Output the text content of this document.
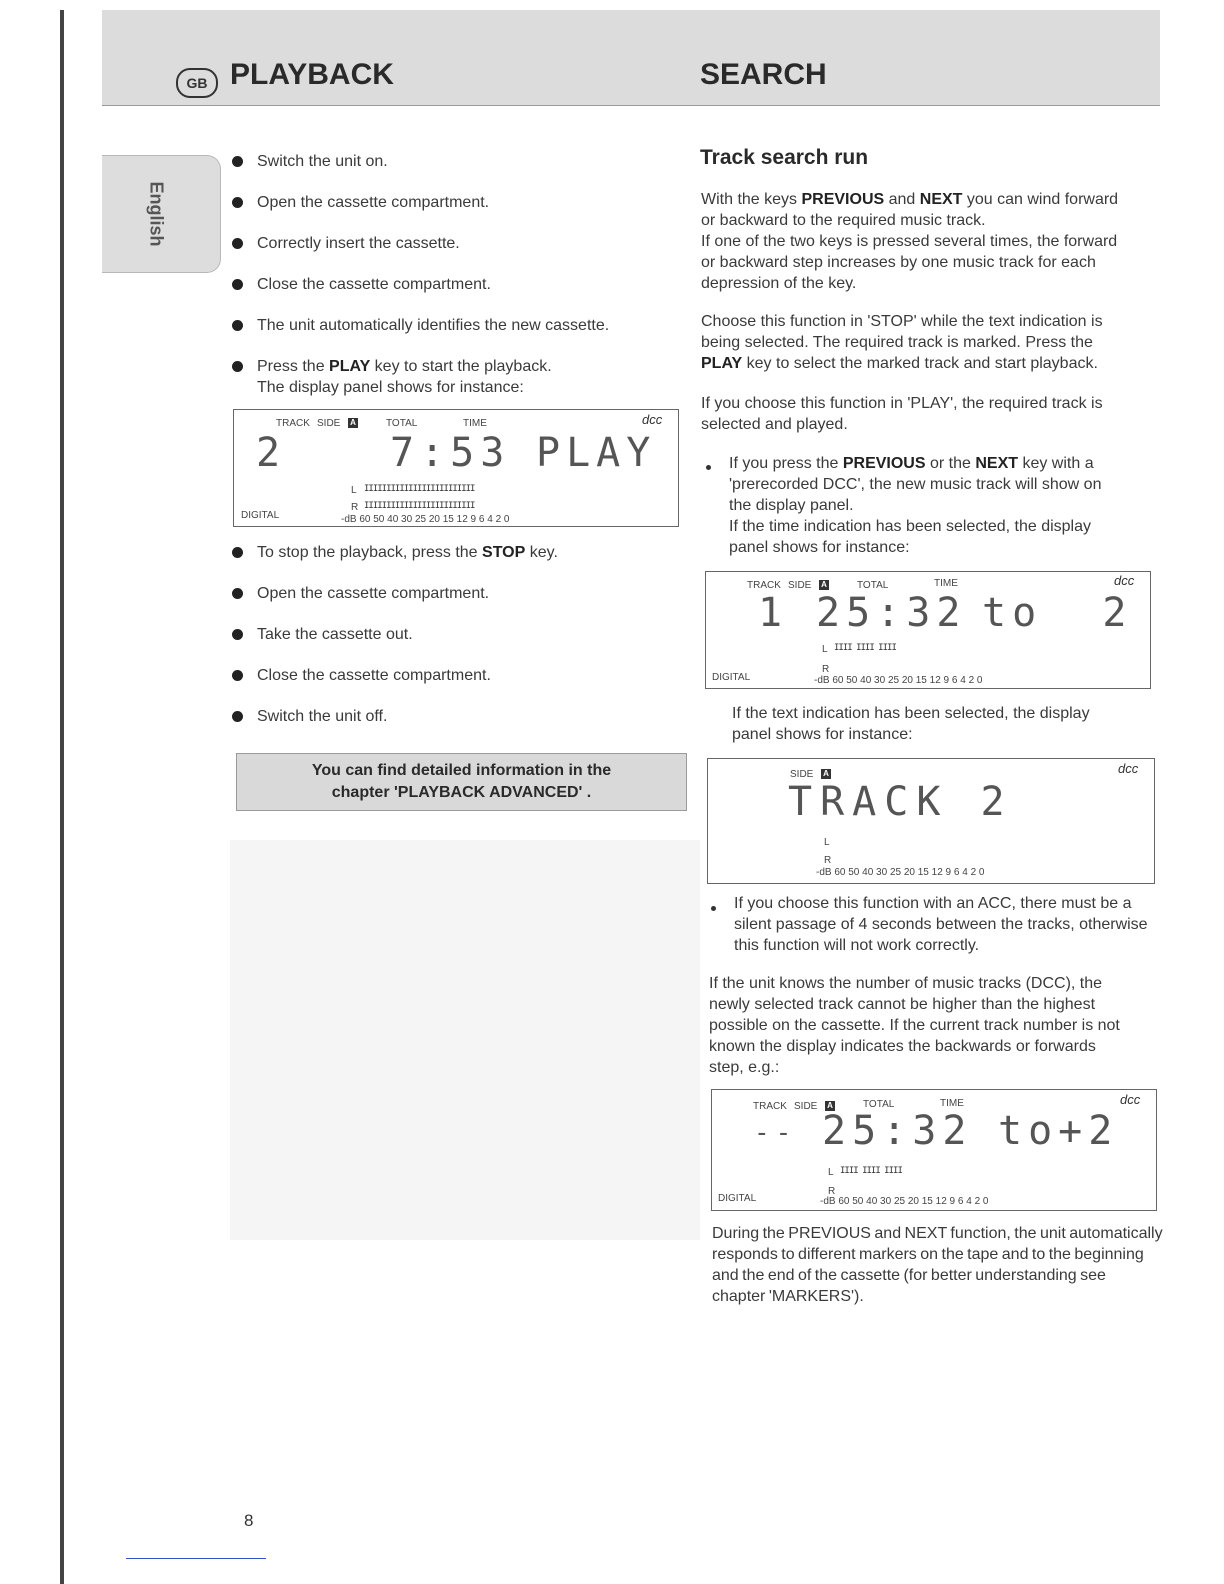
GB PLAYBACK	SEARCH
English
Switch the unit on.
Open the cassette compartment.
Correctly insert the cassette.
Close the cassette compartment.
The unit automatically identifies the new cassette.
Press the PLAY key to start the playback.
The display panel shows for instance:
TRACK SIDE A	TOTAL	TIME	dcc
2	7:53 PLAY
L IIIIIIIIIIIIIIIIIIIIIIIII
R IIIIIIIIIIIIIIIIIIIIIIIII
DIGITAL	-dB 60 50 40 30 25 20 15 12 9 6 4 2 0
To stop the playback, press the STOP key.
Open the cassette compartment.
Take the cassette out.
Close the cassette compartment.
Switch the unit off.
You can find detailed information in the
chapter 'PLAYBACK ADVANCED' .
Track search run

With the keys PREVIOUS and NEXT you can wind forward
or backward to the required music track.
If one of the two keys is pressed several times, the forward
or backward step increases by one music track for each
depression of the key.

Choose this function in 'STOP' while the text indication is
being selected. The required track is marked. Press the
PLAY key to select the marked track and start playback.

If you choose this function in 'PLAY', the required track is
selected and played.

If you press the PREVIOUS or the NEXT key with a
'prerecorded DCC', the new music track will show on
the display panel.
If the time indication has been selected, the display
panel shows for instance:

TRACK SIDE A	TOTAL	TIME	dcc
1 25:32 to  2
L IIII IIII IIII
R
DIGITAL	-dB 60 50 40 30 25 20 15 12 9 6 4 2 0

If the text indication has been selected, the display
panel shows for instance:

SIDE A	dcc
TRACK 2
L
R
-dB 60 50 40 30 25 20 15 12 9 6 4 2 0

If you choose this function with an ACC, there must be a
silent passage of 4 seconds between the tracks, otherwise
this function will not work correctly.

If the unit knows the number of music tracks (DCC), the
newly selected track cannot be higher than the highest
possible on the cassette. If the current track number is not
known the display indicates the backwards or forwards
step, e.g.:

TRACK SIDE A	TOTAL	TIME	dcc
-- 25:32 to+2
L IIII IIII IIII
R
DIGITAL	-dB 60 50 40 30 25 20 15 12 9 6 4 2 0

During the PREVIOUS and NEXT function, the unit automatically
responds to different markers on the tape and to the beginning
and the end of the cassette (for better understanding see
chapter 'MARKERS').

8
